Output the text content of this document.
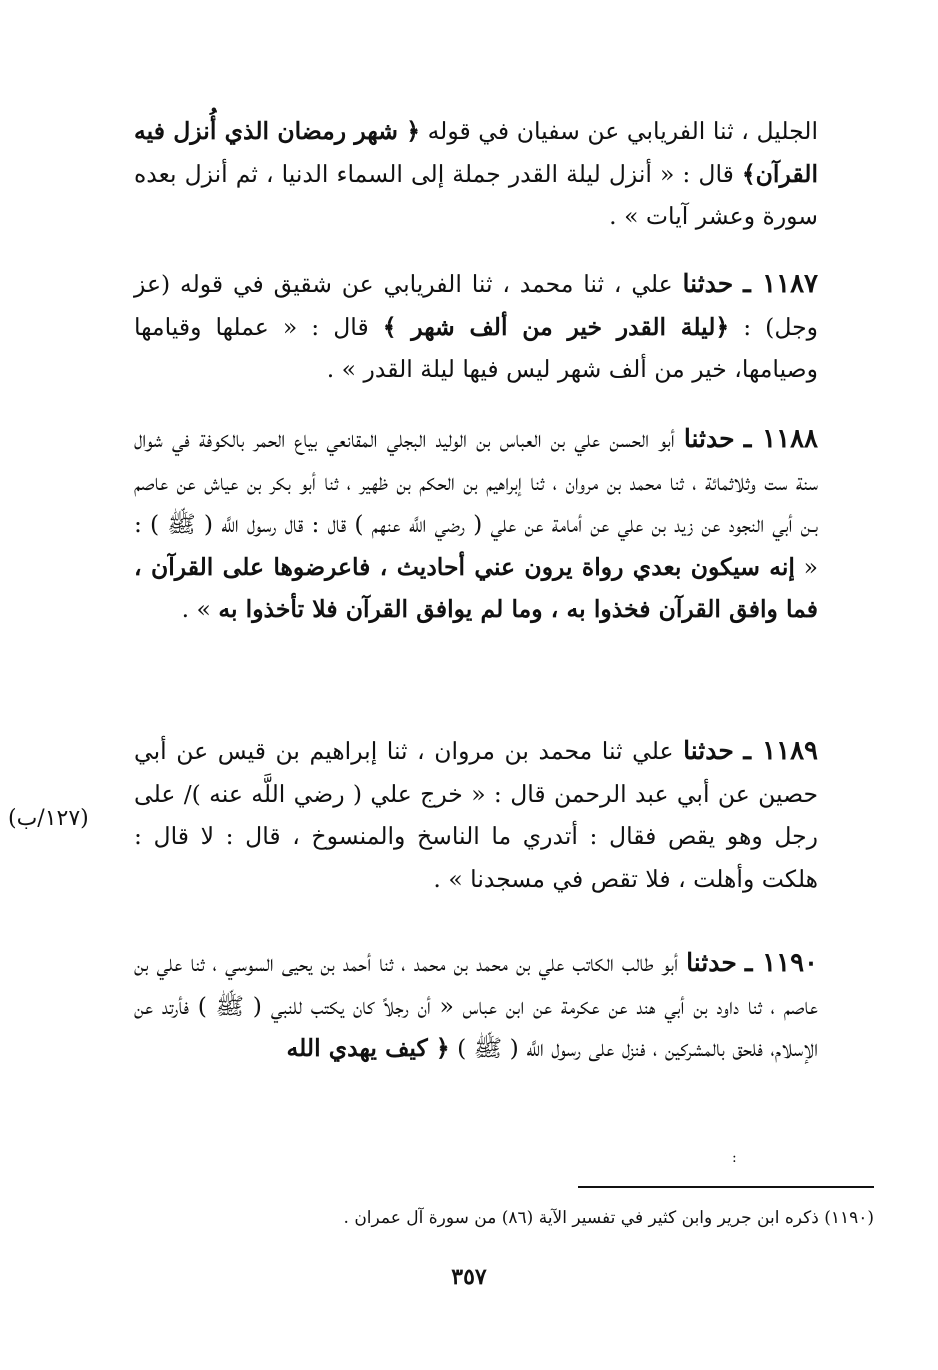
الجليل ، ثنا الفريابي عن سفيان في قوله ﴿ شهر رمضان الذي أُنزل فيه القرآن﴾ قال : « أنزل ليلة القدر جملة إلى السماء الدنيا ، ثم أنزل بعده سورة وعشر آيات » .

١١٨٧ ـ حدثنا علي ، ثنا محمد ، ثنا الفريابي عن شقيق في قوله (عز وجل) : ﴿ليلة القدر خير من ألف شهر ﴾ قال : « عملها وقيامها وصيامها، خير من ألف شهر ليس فيها ليلة القدر » .

١١٨٨ ـ حدثنا أبو الحسن علي بن العباس بن الوليد البجلي المقانعي بياع الحمر بالكوفة في شوال سنة ست وثلاثمائة ، ثنا محمد بن مروان ، ثنا إبراهيم بن الحكم بن ظهير ، ثنا أبو بكر بن عياش عن عاصم بـن أبي النجود عن زيد بن علي عن أمامة عن علي ( رضي اللَّه عنهم ) قال : قال رسول اللَّه ( ﷺ ) : « إنه سيكون بعدي رواة يرون عني أحاديث ، فاعرضوها على القرآن ، فما وافق القرآن فخذوا به ، وما لم يوافق القرآن فلا تأخذوا به » .

١١٨٩ ـ حدثنا علي ثنا محمد بن مروان ، ثنا إبراهيم بن قيس عن أبي حصين عن أبي عبد الرحمن قال : « خرج علي ( رضي اللَّه عنه )/ على رجل وهو يقص فقال : أتدري ما الناسخ والمنسوخ ، قال : لا قال : هلكت وأهلت ، فلا تقص في مسجدنا » .

(١٢٧/ب)

١١٩٠ ـ حدثنا أبو طالب الكاتب علي بن محمد بن محمد ، ثنا أحمد بن يحيى السوسي ، ثنا علي بن عاصم ، ثنا داود بن أبي هند عن عكرمة عن ابن عباس « أن رجلاً كان يكتب للنبي ( ﷺ ) فأرتد عن الإسلام، فلحق بالمشركين ، فنزل على رسول اللَّه ( ﷺ ) ﴿ كيف يهدي الله

:
(١١٩٠) ذكره ابن جرير وابن كثير في تفسير الآية (٨٦) من سورة آل عمران .
٣٥٧
